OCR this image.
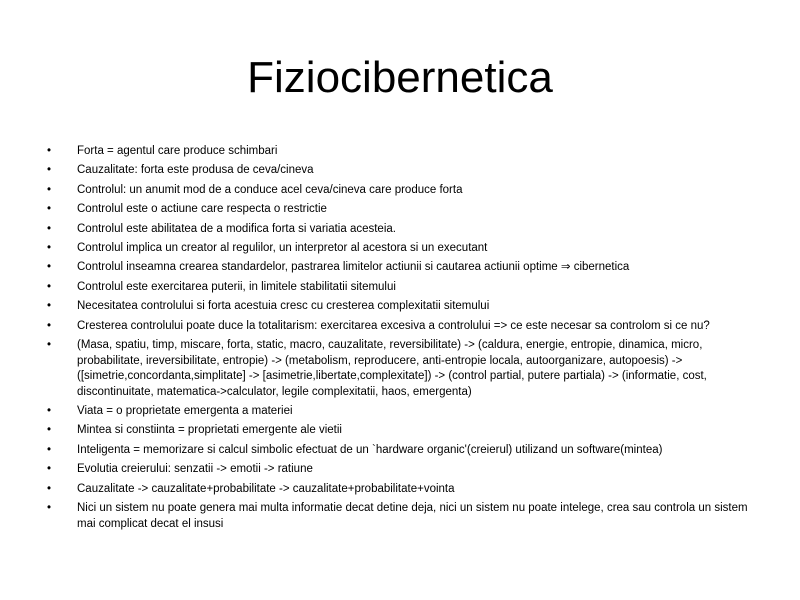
Fiziocibernetica
• Forta = agentul care produce schimbari
• Cauzalitate: forta este produsa de ceva/cineva
• Controlul: un anumit mod de a conduce acel ceva/cineva care produce forta
• Controlul este o actiune care respecta o restrictie
• Controlul este abilitatea de a modifica forta si variatia acesteia.
• Controlul implica un creator al regulilor, un interpretor al acestora si un executant
• Controlul inseamna crearea standardelor, pastrarea limitelor actiunii si cautarea actiunii optime ⇒ cibernetica
• Controlul este exercitarea puterii, in limitele stabilitatii sitemului
• Necesitatea controlului si forta acestuia cresc cu cresterea complexitatii sitemului
• Cresterea controlului poate duce la totalitarism: exercitarea excesiva a controlului => ce este necesar sa controlom si ce nu?
• (Masa, spatiu, timp, miscare, forta, static, macro, cauzalitate, reversibilitate) -> (caldura, energie, entropie, dinamica, micro, probabilitate, ireversibilitate, entropie) -> (metabolism, reproducere, anti-entropie locala, autoorganizare, autopoesis) -> ([simetrie,concordanta,simplitate] -> [asimetrie,libertate,complexitate]) -> (control partial, putere partiala) -> (informatie, cost, discontinuitate, matematica->calculator, legile complexitatii, haos, emergenta)
• Viata = o proprietate emergenta a materiei
• Mintea si constiinta = proprietati emergente ale vietii
• Inteligenta = memorizare si calcul simbolic efectuat de un `hardware organic'(creierul) utilizand un software(mintea)
• Evolutia creierului: senzatii -> emotii -> ratiune
• Cauzalitate -> cauzalitate+probabilitate -> cauzalitate+probabilitate+vointa
• Nici un sistem nu poate genera mai multa informatie decat detine deja, nici un sistem nu poate intelege, crea sau controla un sistem mai complicat decat el insusi
